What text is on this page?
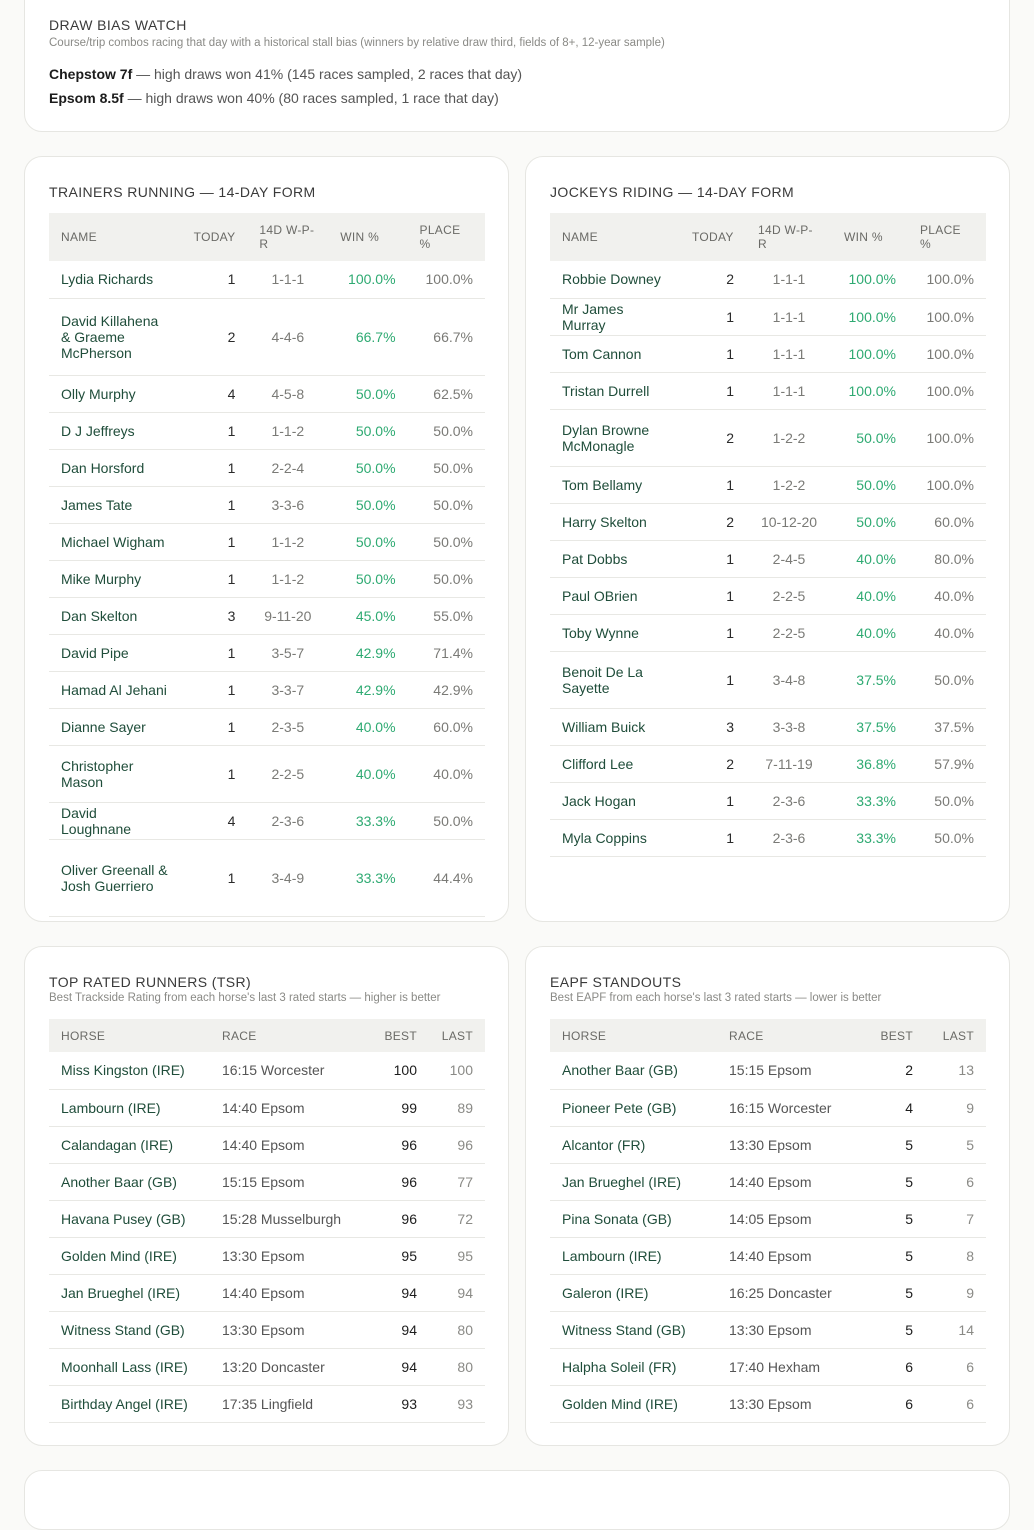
DRAW BIAS WATCH

Course/trip combos racing that day with a historical stall bias (winners by relative draw third, fields of 8+, 12-year sample)

Chepstow 7f — high draws won 41% (145 races sampled, 2 races that day)
Epsom 8.5f — high draws won 40% (80 races sampled, 1 race that day)
TRAINERS RUNNING — 14-DAY FORM
NAME	TODAY	14D W-P-R	WIN %	PLACE %
Lydia Richards	1	1-1-1	100.0%	100.0%
David Killahena & Graeme McPherson	2	4-4-6	66.7%	66.7%
Olly Murphy	4	4-5-8	50.0%	62.5%
D J Jeffreys	1	1-1-2	50.0%	50.0%
Dan Horsford	1	2-2-4	50.0%	50.0%
James Tate	1	3-3-6	50.0%	50.0%
Michael Wigham	1	1-1-2	50.0%	50.0%
Mike Murphy	1	1-1-2	50.0%	50.0%
Dan Skelton	3	9-11-20	45.0%	55.0%
David Pipe	1	3-5-7	42.9%	71.4%
Hamad Al Jehani	1	3-3-7	42.9%	42.9%
Dianne Sayer	1	2-3-5	40.0%	60.0%
Christopher Mason	1	2-2-5	40.0%	40.0%
David Loughnane	4	2-3-6	33.3%	50.0%
Oliver Greenall & Josh Guerriero	1	3-4-9	33.3%	44.4%
JOCKEYS RIDING — 14-DAY FORM
NAME	TODAY	14D W-P-R	WIN %	PLACE %
Robbie Downey	2	1-1-1	100.0%	100.0%
Mr James Murray	1	1-1-1	100.0%	100.0%
Tom Cannon	1	1-1-1	100.0%	100.0%
Tristan Durrell	1	1-1-1	100.0%	100.0%
Dylan Browne McMonagle	2	1-2-2	50.0%	100.0%
Tom Bellamy	1	1-2-2	50.0%	100.0%
Harry Skelton	2	10-12-20	50.0%	60.0%
Pat Dobbs	1	2-4-5	40.0%	80.0%
Paul OBrien	1	2-2-5	40.0%	40.0%
Toby Wynne	1	2-2-5	40.0%	40.0%
Benoit De La Sayette	1	3-4-8	37.5%	50.0%
William Buick	3	3-3-8	37.5%	37.5%
Clifford Lee	2	7-11-19	36.8%	57.9%
Jack Hogan	1	2-3-6	33.3%	50.0%
Myla Coppins	1	2-3-6	33.3%	50.0%
TOP RATED RUNNERS (TSR)

Best Trackside Rating from each horse's last 3 rated starts — higher is better

HORSE	RACE	BEST	LAST
Miss Kingston (IRE)	16:15 Worcester	100	100
Lambourn (IRE)	14:40 Epsom	99	89
Calandagan (IRE)	14:40 Epsom	96	96
Another Baar (GB)	15:15 Epsom	96	77
Havana Pusey (GB)	15:28 Musselburgh	96	72
Golden Mind (IRE)	13:30 Epsom	95	95
Jan Brueghel (IRE)	14:40 Epsom	94	94
Witness Stand (GB)	13:30 Epsom	94	80
Moonhall Lass (IRE)	13:20 Doncaster	94	80
Birthday Angel (IRE)	17:35 Lingfield	93	93
EAPF STANDOUTS

Best EAPF from each horse's last 3 rated starts — lower is better

HORSE	RACE	BEST	LAST
Another Baar (GB)	15:15 Epsom	2	13
Pioneer Pete (GB)	16:15 Worcester	4	9
Alcantor (FR)	13:30 Epsom	5	5
Jan Brueghel (IRE)	14:40 Epsom	5	6
Pina Sonata (GB)	14:05 Epsom	5	7
Lambourn (IRE)	14:40 Epsom	5	8
Galeron (IRE)	16:25 Doncaster	5	9
Witness Stand (GB)	13:30 Epsom	5	14
Halpha Soleil (FR)	17:40 Hexham	6	6
Golden Mind (IRE)	13:30 Epsom	6	6
